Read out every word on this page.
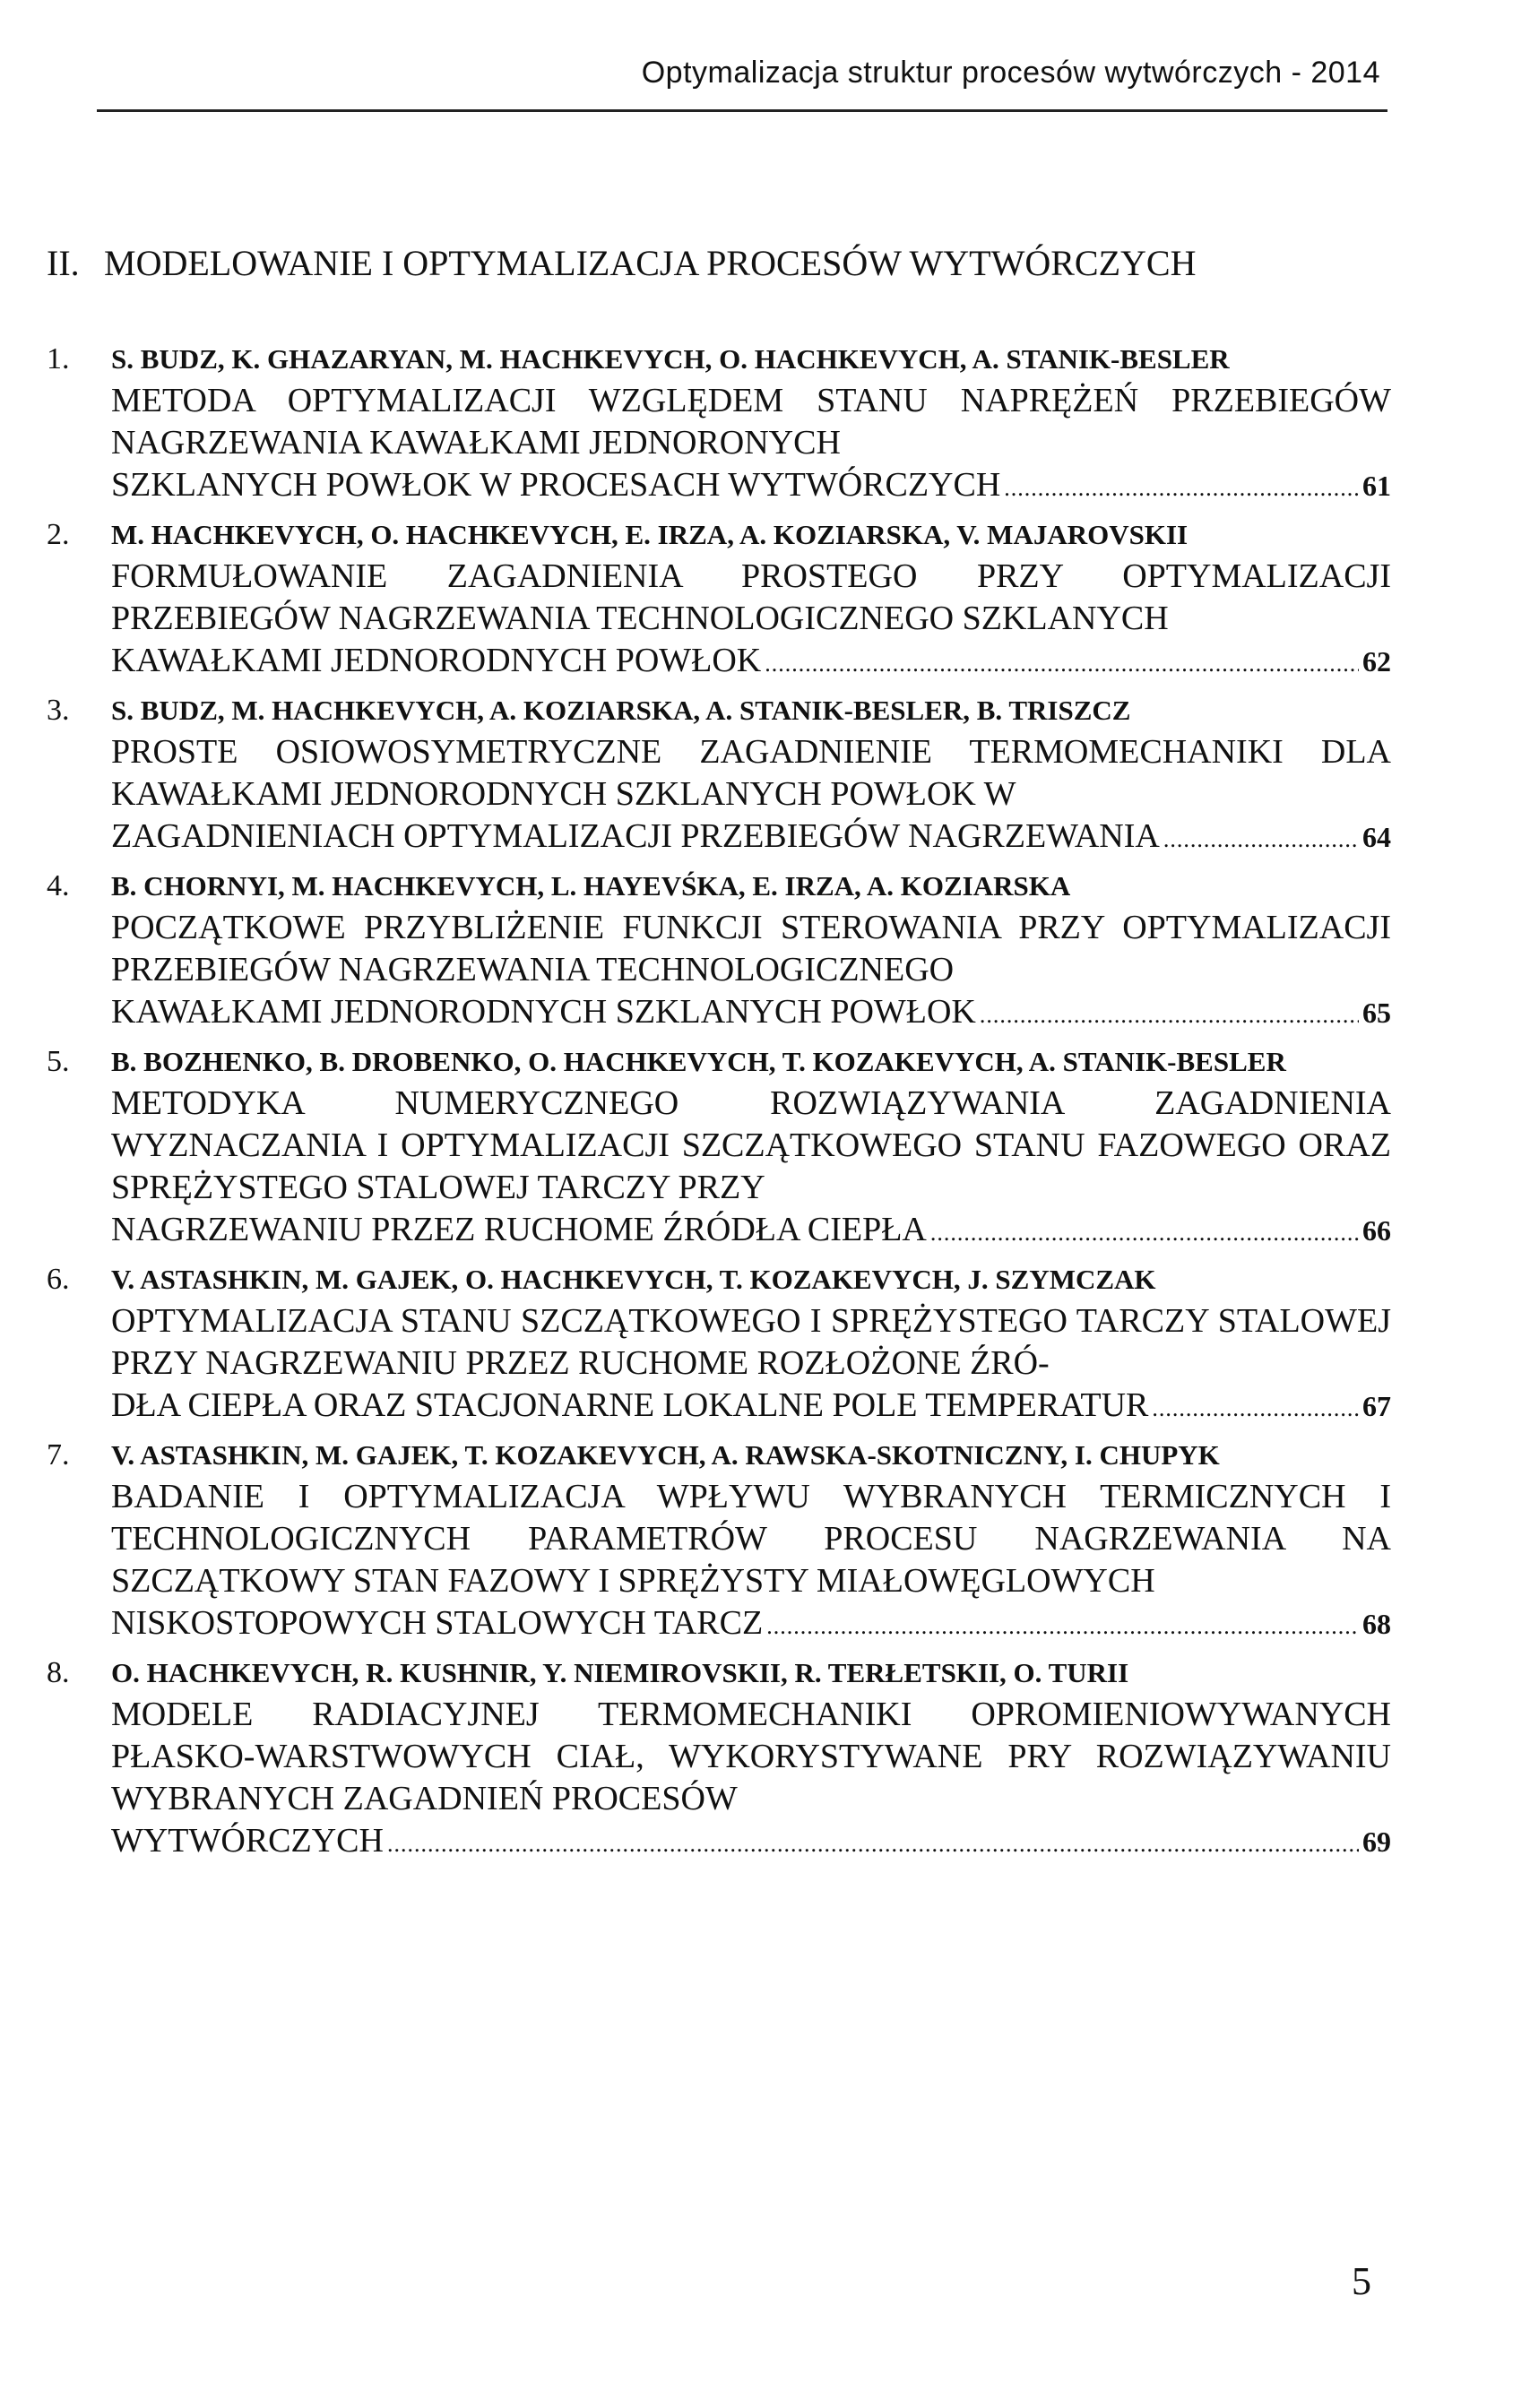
Optymalizacja struktur procesów wytwórczych - 2014
II. MODELOWANIE I OPTYMALIZACJA PROCESÓW WYTWÓRCZYCH
1.	S. BUDZ, K. GHAZARYAN, M. HACHKEVYCH, O. HACHKEVYCH, A. STANIK-BESLER
METODA OPTYMALIZACJI WZGLĘDEM STANU NAPRĘŻEŃ PRZEBIEGÓW NAGRZEWANIA KAWAŁKAMI JEDNORONYCH
SZKLANYCH POWŁOK W PROCESACH WYTWÓRCZYCH .....	61
2.	M. HACHKEVYCH, O. HACHKEVYCH, E. IRZA, A. KOZIARSKA, V. MAJAROVSKII
FORMUŁOWANIE ZAGADNIENIA PROSTEGO PRZY OPTYMALIZACJI PRZEBIEGÓW NAGRZEWANIA TECHNOLOGICZNEGO SZKLANYCH
KAWAŁKAMI JEDNORODNYCH POWŁOK .....	62
3.	S. BUDZ, M. HACHKEVYCH, A. KOZIARSKA, A. STANIK-BESLER, B. TRISZCZ
PROSTE OSIOWOSYMETRYCZNE ZAGADNIENIE TERMOMECHANIKI DLA KAWAŁKAMI JEDNORODNYCH SZKLANYCH POWŁOK W
ZAGADNIENIACH OPTYMALIZACJI PRZEBIEGÓW NAGRZEWANIA .....	64
4.	B. CHORNYI, M. HACHKEVYCH, L. HAYEVŚKA, E. IRZA, A. KOZIARSKA
POCZĄTKOWE PRZYBLIŻENIE FUNKCJI STEROWANIA PRZY OPTYMALIZACJI PRZEBIEGÓW NAGRZEWANIA TECHNOLOGICZNEGO
KAWAŁKAMI JEDNORODNYCH SZKLANYCH POWŁOK .....	65
5.	B. BOZHENKO, B. DROBENKO, O. HACHKEVYCH, T. KOZAKEVYCH, A. STANIK-BESLER
METODYKA NUMERYCZNEGO ROZWIĄZYWANIA ZAGADNIENIA WYZNACZANIA I OPTYMALIZACJI SZCZĄTKOWEGO STANU FAZOWEGO ORAZ SPRĘŻYSTEGO STALOWEJ TARCZY PRZY
NAGRZEWANIU PRZEZ RUCHOME ŹRÓDŁA CIEPŁA .....	66
6.	V. ASTASHKIN, M. GAJEK, O. HACHKEVYCH, T. KOZAKEVYCH, J. SZYMCZAK
OPTYMALIZACJA STANU SZCZĄTKOWEGO I SPRĘŻYSTEGO TARCZY STALOWEJ PRZY NAGRZEWANIU PRZEZ RUCHOME ROZŁOŻONE ŹRÓ-
DŁA CIEPŁA ORAZ STACJONARNE LOKALNE POLE TEMPERATUR .....	67
7.	V. ASTASHKIN, M. GAJEK, T. KOZAKEVYCH, A. RAWSKA-SKOTNICZNY, I. CHUPYK
BADANIE I OPTYMALIZACJA WPŁYWU WYBRANYCH TERMICZNYCH I TECHNOLOGICZNYCH PARAMETRÓW PROCESU NAGRZEWANIA NA SZCZĄTKOWY STAN FAZOWY I SPRĘŻYSTY MIAŁOWĘGLOWYCH
NISKOSTOPOWYCH STALOWYCH TARCZ .....	68
8.	O. HACHKEVYCH, R. KUSHNIR, Y. NIEMIROVSKII, R. TERŁETSKII, O. TURII
MODELE RADIACYJNEJ TERMOMECHANIKI OPROMIENIOWYWANYCH PŁASKO-WARSTWOWYCH CIAŁ, WYKORYSTYWANE PRY ROZWIĄZYWANIU WYBRANYCH ZAGADNIEŃ PROCESÓW
WYTWÓRCZYCH .....	69
5
